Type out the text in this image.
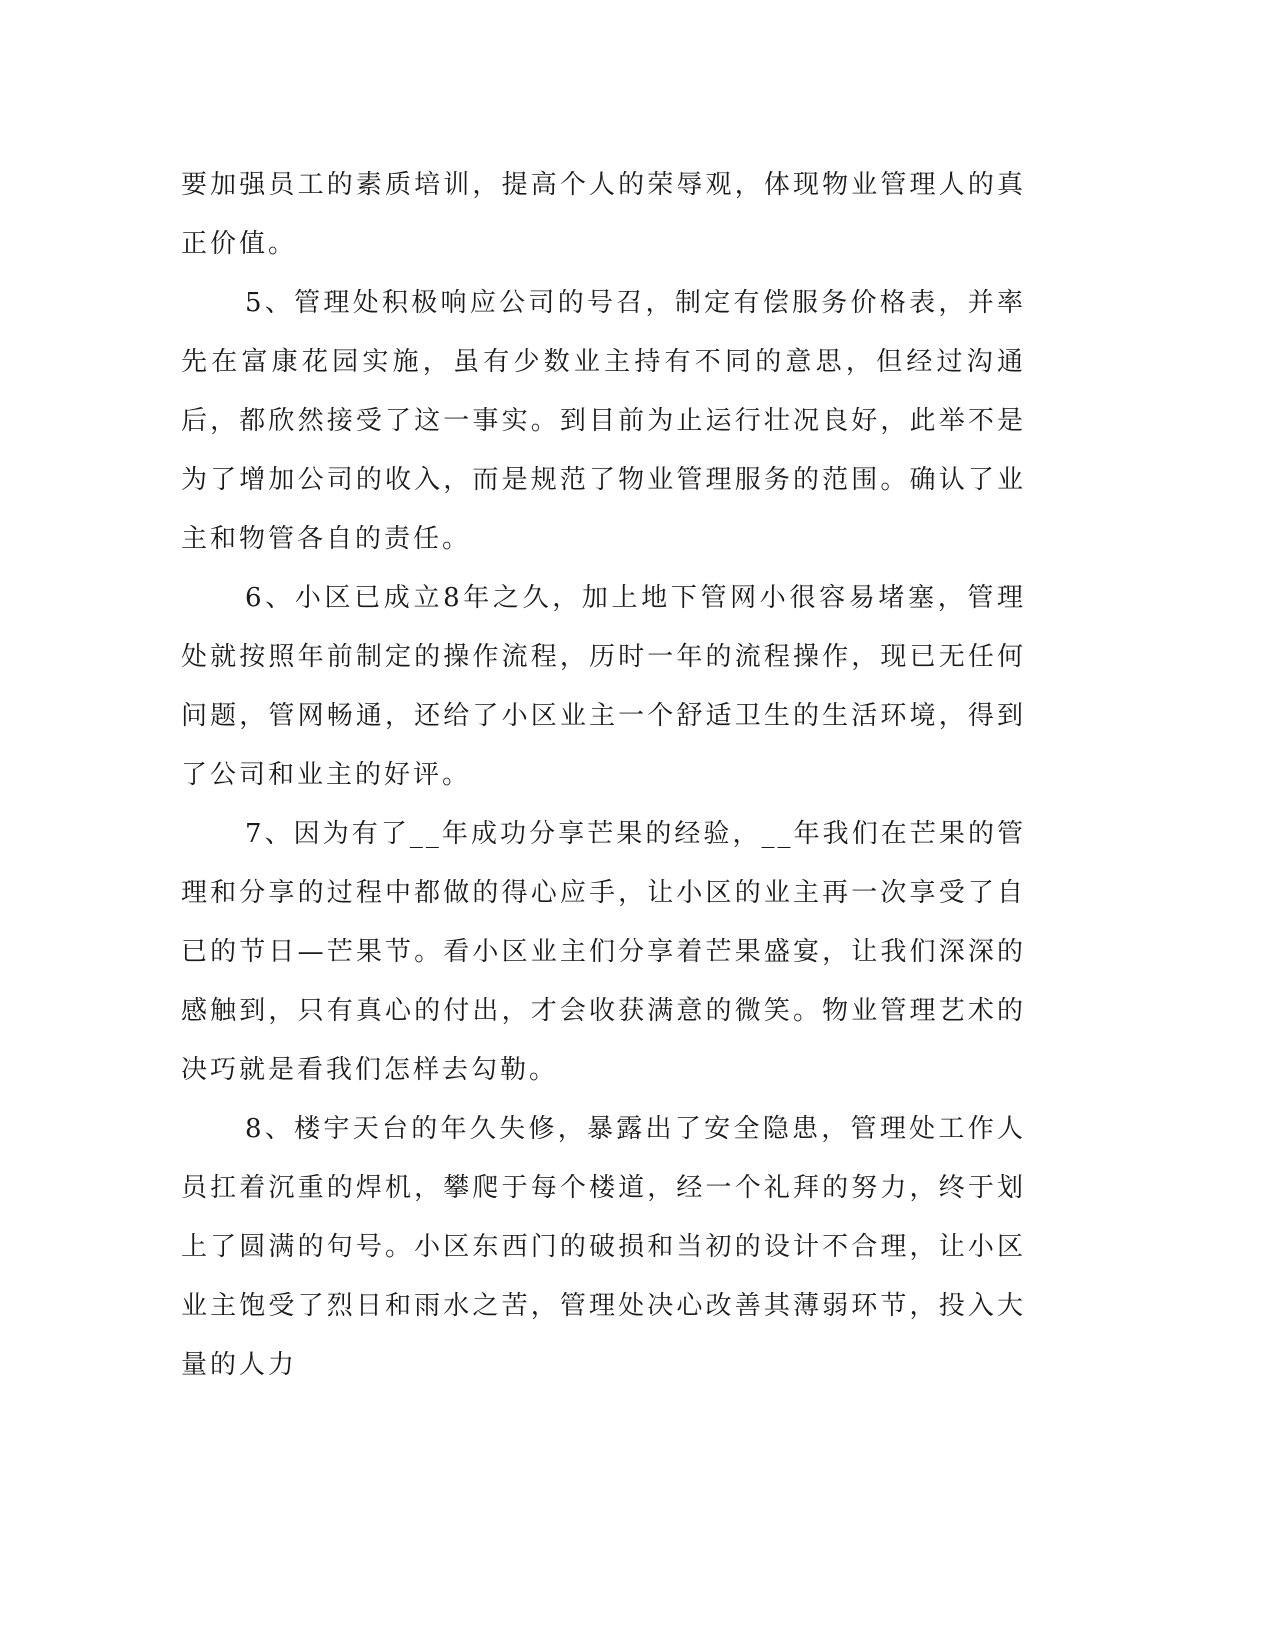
要加强员工的素质培训，提高个人的荣辱观，体现物业管理人的真正价值。

5、管理处积极响应公司的号召，制定有偿服务价格表，并率先在富康花园实施，虽有少数业主持有不同的意思，但经过沟通后，都欣然接受了这一事实。到目前为止运行壮况良好，此举不是为了增加公司的收入，而是规范了物业管理服务的范围。确认了业主和物管各自的责任。

6、小区已成立8年之久，加上地下管网小很容易堵塞，管理处就按照年前制定的操作流程，历时一年的流程操作，现已无任何问题，管网畅通，还给了小区业主一个舒适卫生的生活环境，得到了公司和业主的好评。

7、因为有了__年成功分享芒果的经验，__年我们在芒果的管理和分享的过程中都做的得心应手，让小区的业主再一次享受了自已的节日—芒果节。看小区业主们分享着芒果盛宴，让我们深深的感触到，只有真心的付出，才会收获满意的微笑。物业管理艺术的决巧就是看我们怎样去勾勒。

8、楼宇天台的年久失修，暴露出了安全隐患，管理处工作人员扛着沉重的焊机，攀爬于每个楼道，经一个礼拜的努力，终于划上了圆满的句号。小区东西门的破损和当初的设计不合理，让小区业主饱受了烈日和雨水之苦，管理处决心改善其薄弱环节，投入大量的人力
